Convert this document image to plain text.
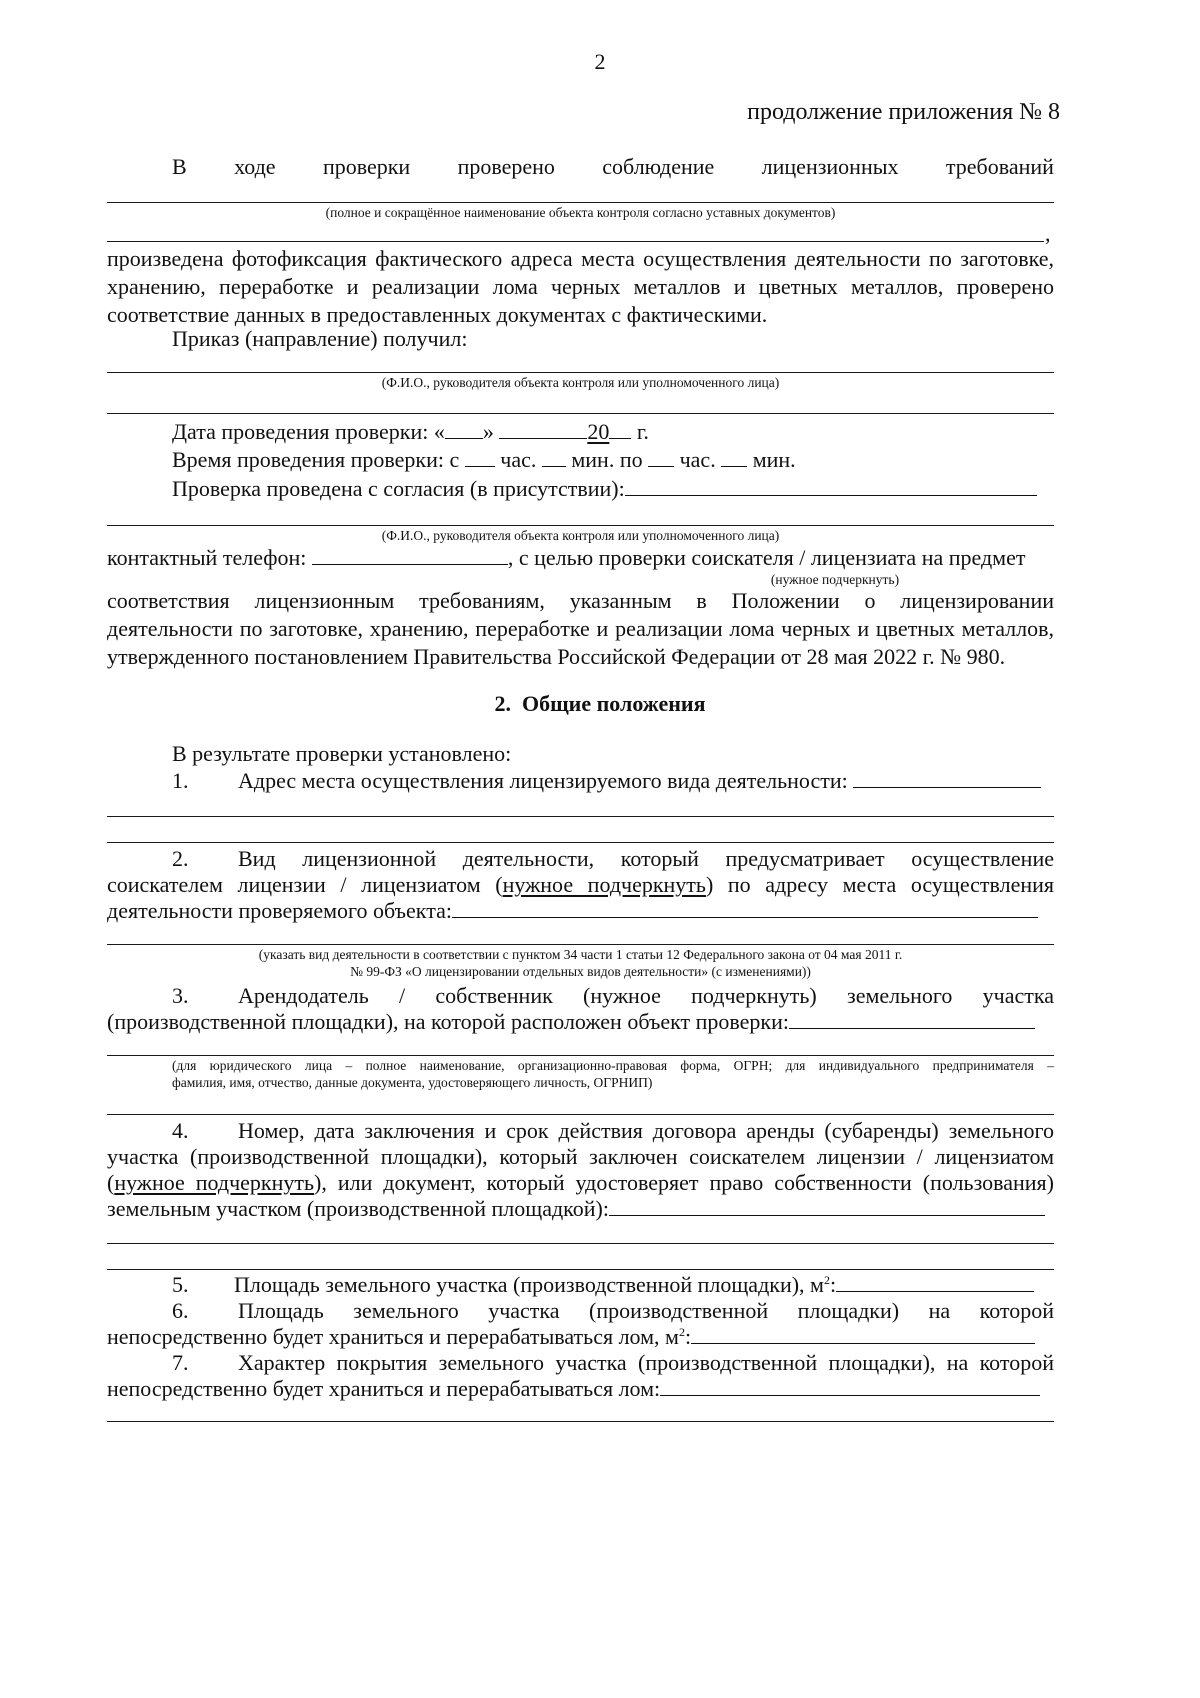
2
продолжение приложения № 8
В ходе проверки проверено соблюдение лицензионных требований
(полное и сокращённое наименование объекта контроля согласно уставных документов)
,
произведена фотофиксация фактического адреса места осуществления деятельности по заготовке,
хранению, переработке и реализации лома черных металлов и цветных металлов, проверено
соответствие данных в предоставленных документах с фактическими.
Приказ (направление) получил:
(Ф.И.О., руководителя объекта контроля или уполномоченного лица)
Дата проведения проверки: « »	20 г.
Время проведения проверки: с час. мин. по час. мин.
Проверка проведена с согласия (в присутствии):
(Ф.И.О., руководителя объекта контроля или уполномоченного лица)
контактный телефон:	, с целью проверки соискателя / лицензиата на предмет
(нужное подчеркнуть)
соответствия лицензионным требованиям, указанным в Положении о лицензировании
деятельности по заготовке, хранению, переработке и реализации лома черных и цветных металлов,
утвержденного постановлением Правительства Российской Федерации от 28 мая 2022 г. № 980.
2. Общие положения
В результате проверки установлено:
1. Адрес места осуществления лицензируемого вида деятельности:
2. Вид лицензионной деятельности, который предусматривает осуществление
соискателем лицензии / лицензиатом (нужное подчеркнуть) по адресу места осуществления
деятельности проверяемого объекта:
(указать вид деятельности в соответствии с пунктом 34 части 1 статьи 12 Федерального закона от 04 мая 2011 г.
№ 99-ФЗ «О лицензировании отдельных видов деятельности» (с изменениями))
3. Арендодатель / собственник (нужное подчеркнуть) земельного участка
(производственной площадки), на которой расположен объект проверки:
(для юридического лица – полное наименование, организационно-правовая форма, ОГРН; для индивидуального предпринимателя –
фамилия, имя, отчество, данные документа, удостоверяющего личность, ОГРНИП)
4. Номер, дата заключения и срок действия договора аренды (субаренды) земельного
участка (производственной площадки), который заключен соискателем лицензии / лицензиатом
(нужное подчеркнуть), или документ, который удостоверяет право собственности (пользования)
земельным участком (производственной площадкой):
5. Площадь земельного участка (производственной площадки), $м^2$:
6. Площадь земельного участка (производственной площадки) на которой
непосредственно будет храниться и перерабатываться лом, $м^2$:
7. Характер покрытия земельного участка (производственной площадки), на которой
непосредственно будет храниться и перерабатываться лом:
